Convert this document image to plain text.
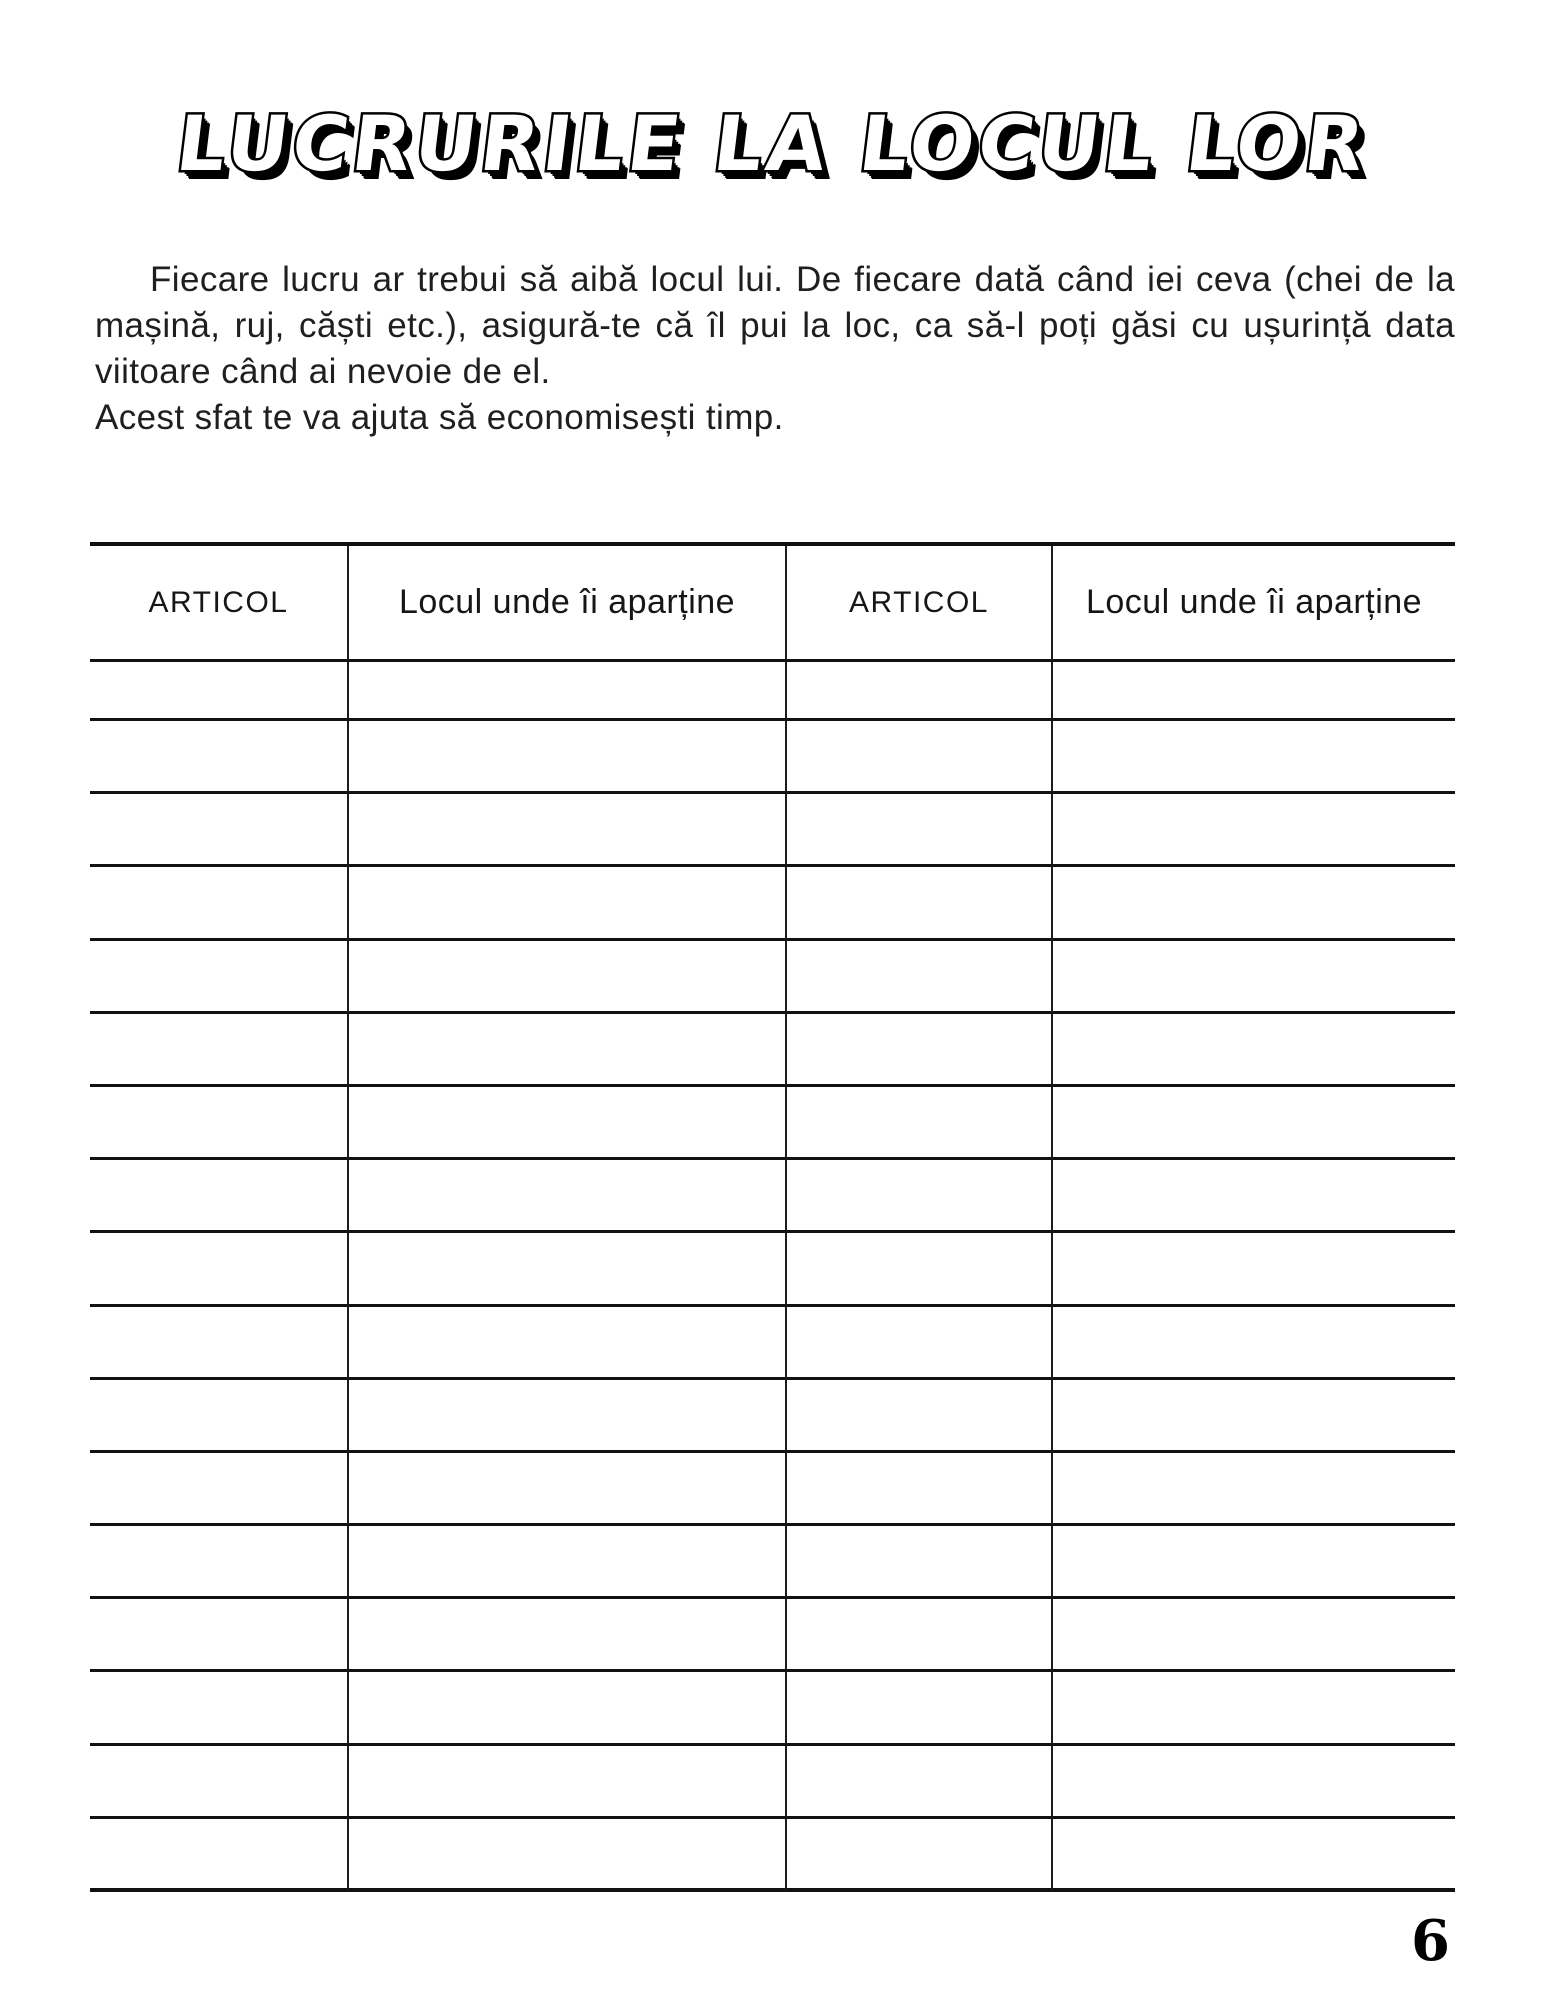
LUCRURILE LA LOCUL LOR
Fiecare lucru ar trebui să aibă locul lui. De fiecare dată când iei ceva (chei de la
mașină, ruj, căști etc.), asigură-te că îl pui la loc, ca să-l poți găsi cu ușurință data
viitoare când ai nevoie de el.
Acest sfat te va ajuta să economisești timp.
ARTICOL	Locul unde îi aparține	ARTICOL	Locul unde îi aparține
6
